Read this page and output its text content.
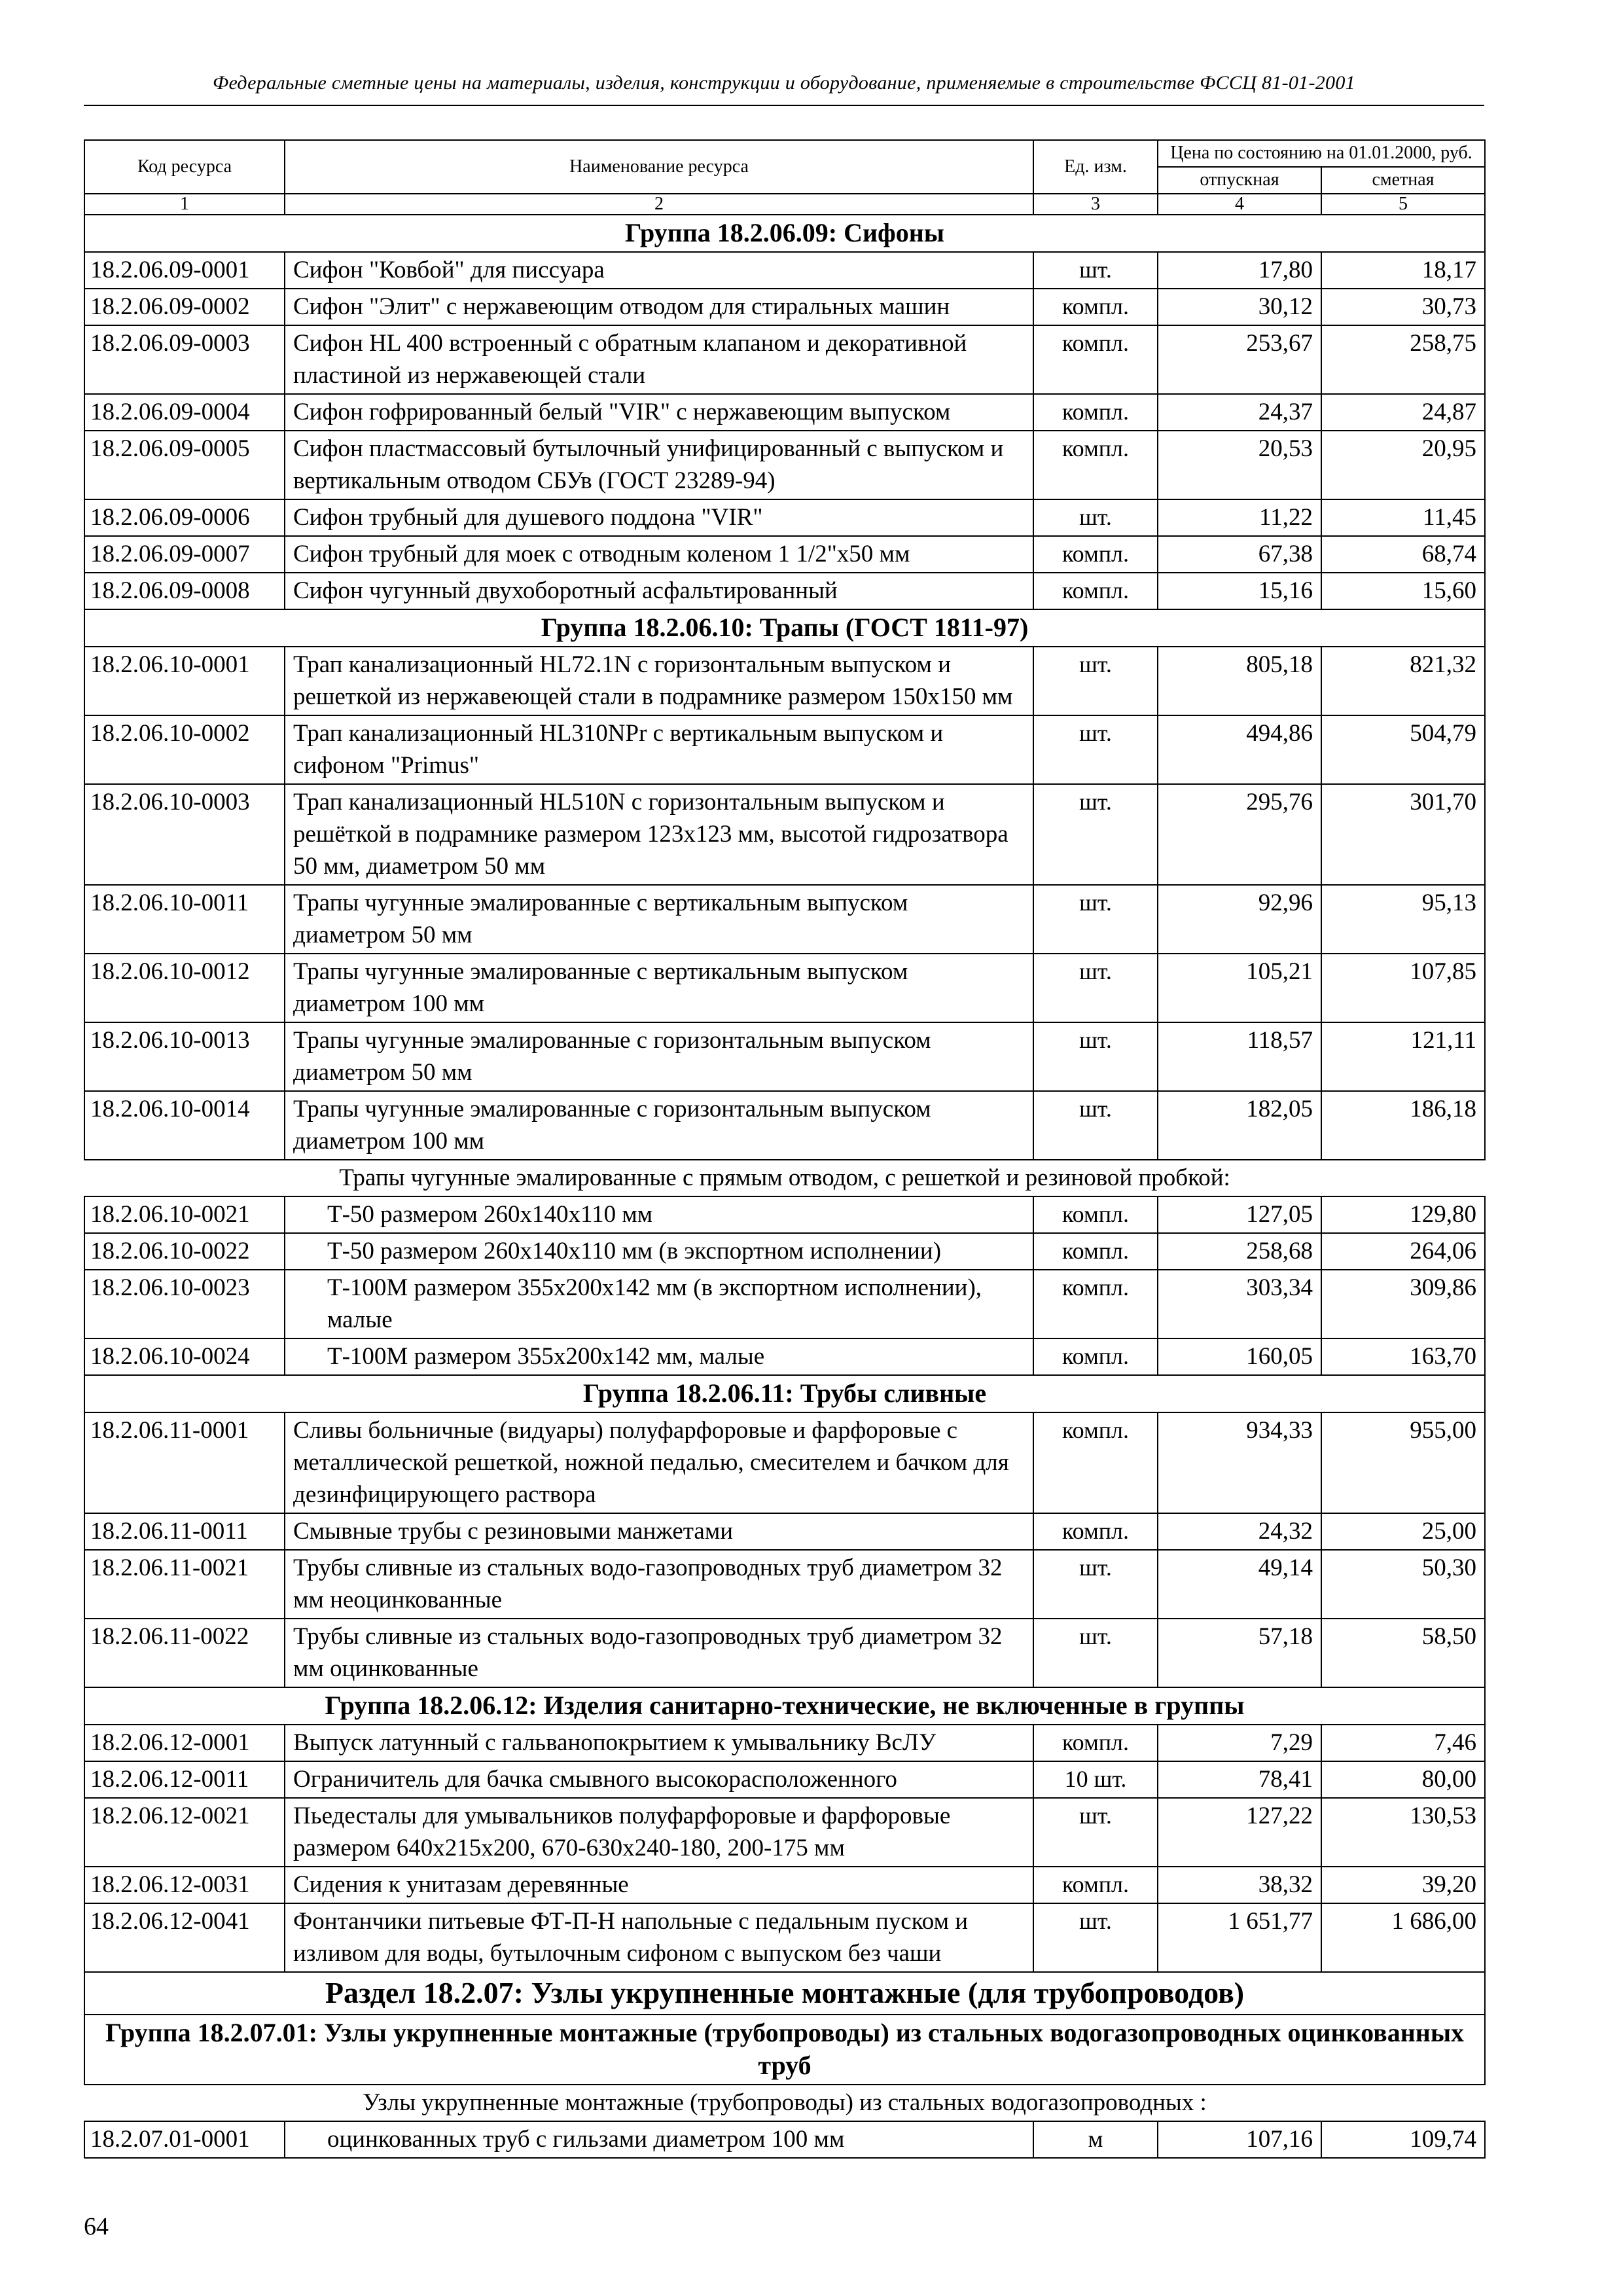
Федеральные сметные цены на материалы, изделия, конструкции и оборудование, применяемые в строительстве ФССЦ 81-01-2001
Код ресурса	Наименование ресурса	Ед. изм.	Цена по состоянию на 01.01.2000, руб.	
			отпускная	сметная
1	2	3	4	5
Группа 18.2.06.09: Сифоны				
18.2.06.09-0001	Сифон "Ковбой" для писсуара	шт.	17,80	18,17
18.2.06.09-0002	Сифон "Элит" с нержавеющим отводом для стиральных машин	компл.	30,12	30,73
18.2.06.09-0003	Сифон HL 400 встроенный с обратным клапаном и декоративной пластиной из нержавеющей стали	компл.	253,67	258,75
18.2.06.09-0004	Сифон гофрированный белый "VIR" с нержавеющим выпуском	компл.	24,37	24,87
18.2.06.09-0005	Сифон пластмассовый бутылочный унифицированный с выпуском и вертикальным отводом СБУв (ГОСТ 23289-94)	компл.	20,53	20,95
18.2.06.09-0006	Сифон трубный для душевого поддона "VIR"	шт.	11,22	11,45
18.2.06.09-0007	Сифон трубный для моек с отводным коленом 1 1/2"х50 мм	компл.	67,38	68,74
18.2.06.09-0008	Сифон чугунный двухоборотный асфальтированный	компл.	15,16	15,60
Группа 18.2.06.10: Трапы (ГОСТ 1811-97)				
18.2.06.10-0001	Трап канализационный HL72.1N с горизонтальным выпуском и решеткой из нержавеющей стали в подрамнике размером 150х150 мм	шт.	805,18	821,32
18.2.06.10-0002	Трап канализационный HL310NPr с вертикальным выпуском и сифоном "Primus"	шт.	494,86	504,79
18.2.06.10-0003	Трап канализационный HL510N с горизонтальным выпуском и решёткой в подрамнике размером 123х123 мм, высотой гидрозатвора 50 мм, диаметром 50 мм	шт.	295,76	301,70
18.2.06.10-0011	Трапы чугунные эмалированные с вертикальным выпуском диаметром 50 мм	шт.	92,96	95,13
18.2.06.10-0012	Трапы чугунные эмалированные с вертикальным выпуском диаметром 100 мм	шт.	105,21	107,85
18.2.06.10-0013	Трапы чугунные эмалированные с горизонтальным выпуском диаметром 50 мм	шт.	118,57	121,11
18.2.06.10-0014	Трапы чугунные эмалированные с горизонтальным выпуском диаметром 100 мм	шт.	182,05	186,18
Трапы чугунные эмалированные с прямым отводом, с решеткой и резиновой пробкой:				
18.2.06.10-0021	Т-50 размером 260х140х110 мм	компл.	127,05	129,80
18.2.06.10-0022	Т-50 размером 260х140х110 мм (в экспортном исполнении)	компл.	258,68	264,06
18.2.06.10-0023	Т-100М размером 355х200х142 мм (в экспортном исполнении), малые	компл.	303,34	309,86
18.2.06.10-0024	Т-100М размером 355х200х142 мм, малые	компл.	160,05	163,70
Группа 18.2.06.11: Трубы сливные				
18.2.06.11-0001	Сливы больничные (видуары) полуфарфоровые и фарфоровые с металлической решеткой, ножной педалью, смесителем и бачком для дезинфицирующего раствора	компл.	934,33	955,00
18.2.06.11-0011	Смывные трубы с резиновыми манжетами	компл.	24,32	25,00
18.2.06.11-0021	Трубы сливные из стальных водо-газопроводных труб диаметром 32 мм неоцинкованные	шт.	49,14	50,30
18.2.06.11-0022	Трубы сливные из стальных водо-газопроводных труб диаметром 32 мм оцинкованные	шт.	57,18	58,50
Группа 18.2.06.12: Изделия санитарно-технические, не включенные в группы				
18.2.06.12-0001	Выпуск латунный с гальванопокрытием к умывальнику ВсЛУ	компл.	7,29	7,46
18.2.06.12-0011	Ограничитель для бачка смывного высокорасположенного	10 шт.	78,41	80,00
18.2.06.12-0021	Пьедесталы для умывальников полуфарфоровые и фарфоровые размером 640х215х200, 670-630х240-180, 200-175 мм	шт.	127,22	130,53
18.2.06.12-0031	Сидения к унитазам деревянные	компл.	38,32	39,20
18.2.06.12-0041	Фонтанчики питьевые ФТ-П-Н напольные с педальным пуском и изливом для воды, бутылочным сифоном с выпуском без чаши	шт.	1 651,77	1 686,00
Раздел 18.2.07: Узлы укрупненные монтажные (для трубопроводов)				
Группа 18.2.07.01: Узлы укрупненные монтажные (трубопроводы) из стальных водогазопроводных оцинкованных труб				
Узлы укрупненные монтажные (трубопроводы) из стальных водогазопроводных :				
18.2.07.01-0001	оцинкованных труб с гильзами диаметром 100 мм	м	107,16	109,74
64
